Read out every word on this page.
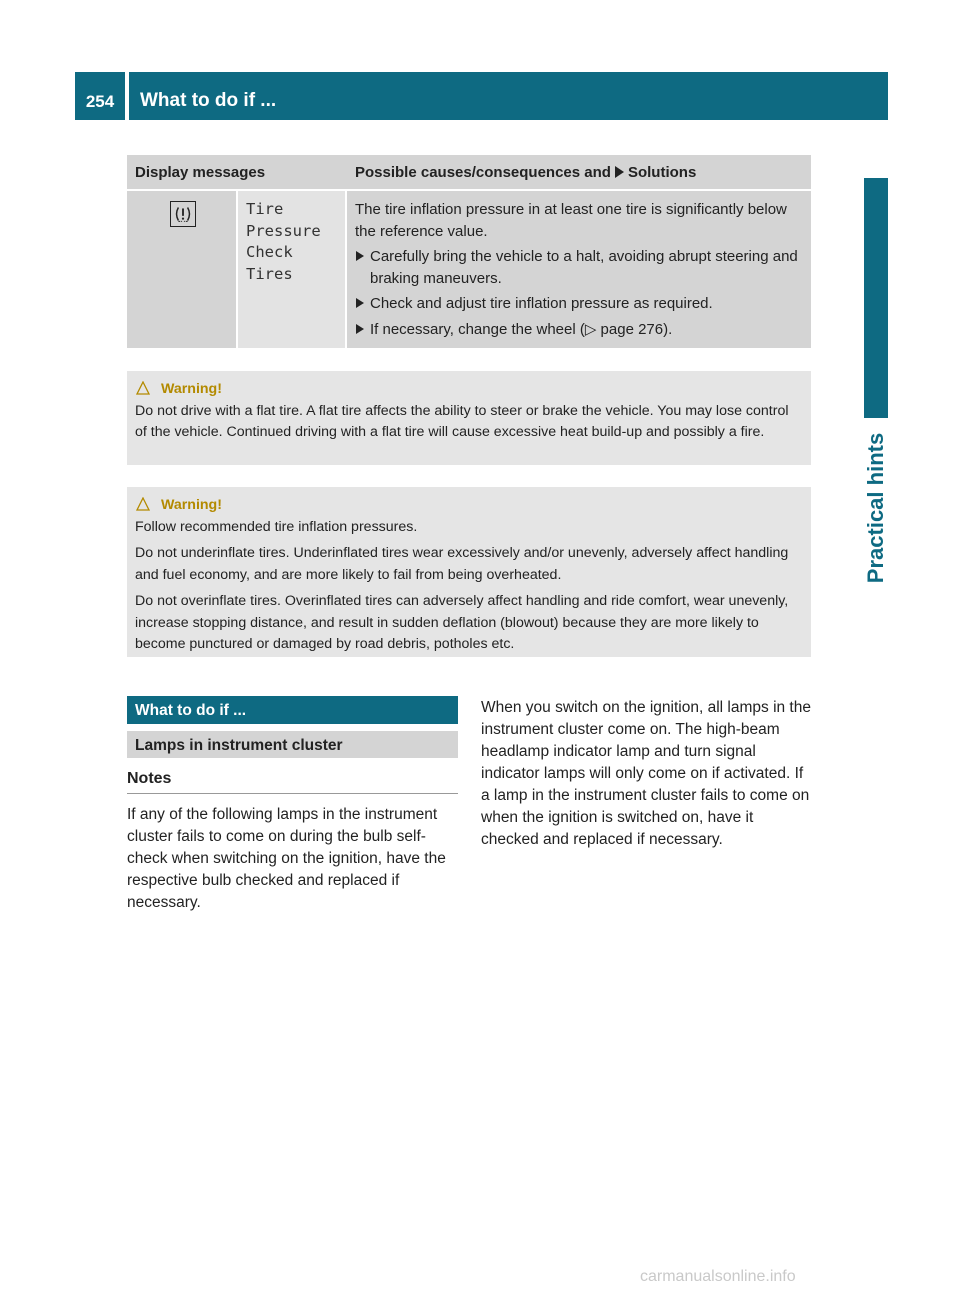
254	What to do if ...
Practical hints
Display messages	Possible causes/consequences and Solutions
Tire
Pressure
Check
Tires

The tire inflation pressure in at least one tire is significantly below the reference value.

Carefully bring the vehicle to a halt, avoiding abrupt steering and braking maneuvers.

Check and adjust tire inflation pressure as required.

If necessary, change the wheel (▷ page 276).

Warning!

Do not drive with a flat tire. A flat tire affects the ability to steer or brake the vehicle. You may lose control of the vehicle. Continued driving with a flat tire will cause excessive heat build-up and possibly a fire.

Warning!

Follow recommended tire inflation pressures.

Do not underinflate tires. Underinflated tires wear excessively and/or unevenly, adversely affect handling and fuel economy, and are more likely to fail from being overheated.

Do not overinflate tires. Overinflated tires can adversely affect handling and ride comfort, wear unevenly, increase stopping distance, and result in sudden deflation (blowout) because they are more likely to become punctured or damaged by road debris, potholes etc.

What to do if ...
Lamps in instrument cluster
Notes

If any of the following lamps in the instrument cluster fails to come on during the bulb self-check when switching on the ignition, have the respective bulb checked and replaced if necessary.

When you switch on the ignition, all lamps in the instrument cluster come on. The high-beam headlamp indicator lamp and turn signal indicator lamps will only come on if activated. If a lamp in the instrument cluster fails to come on when the ignition is switched on, have it checked and replaced if necessary.

carmanualsonline.info
